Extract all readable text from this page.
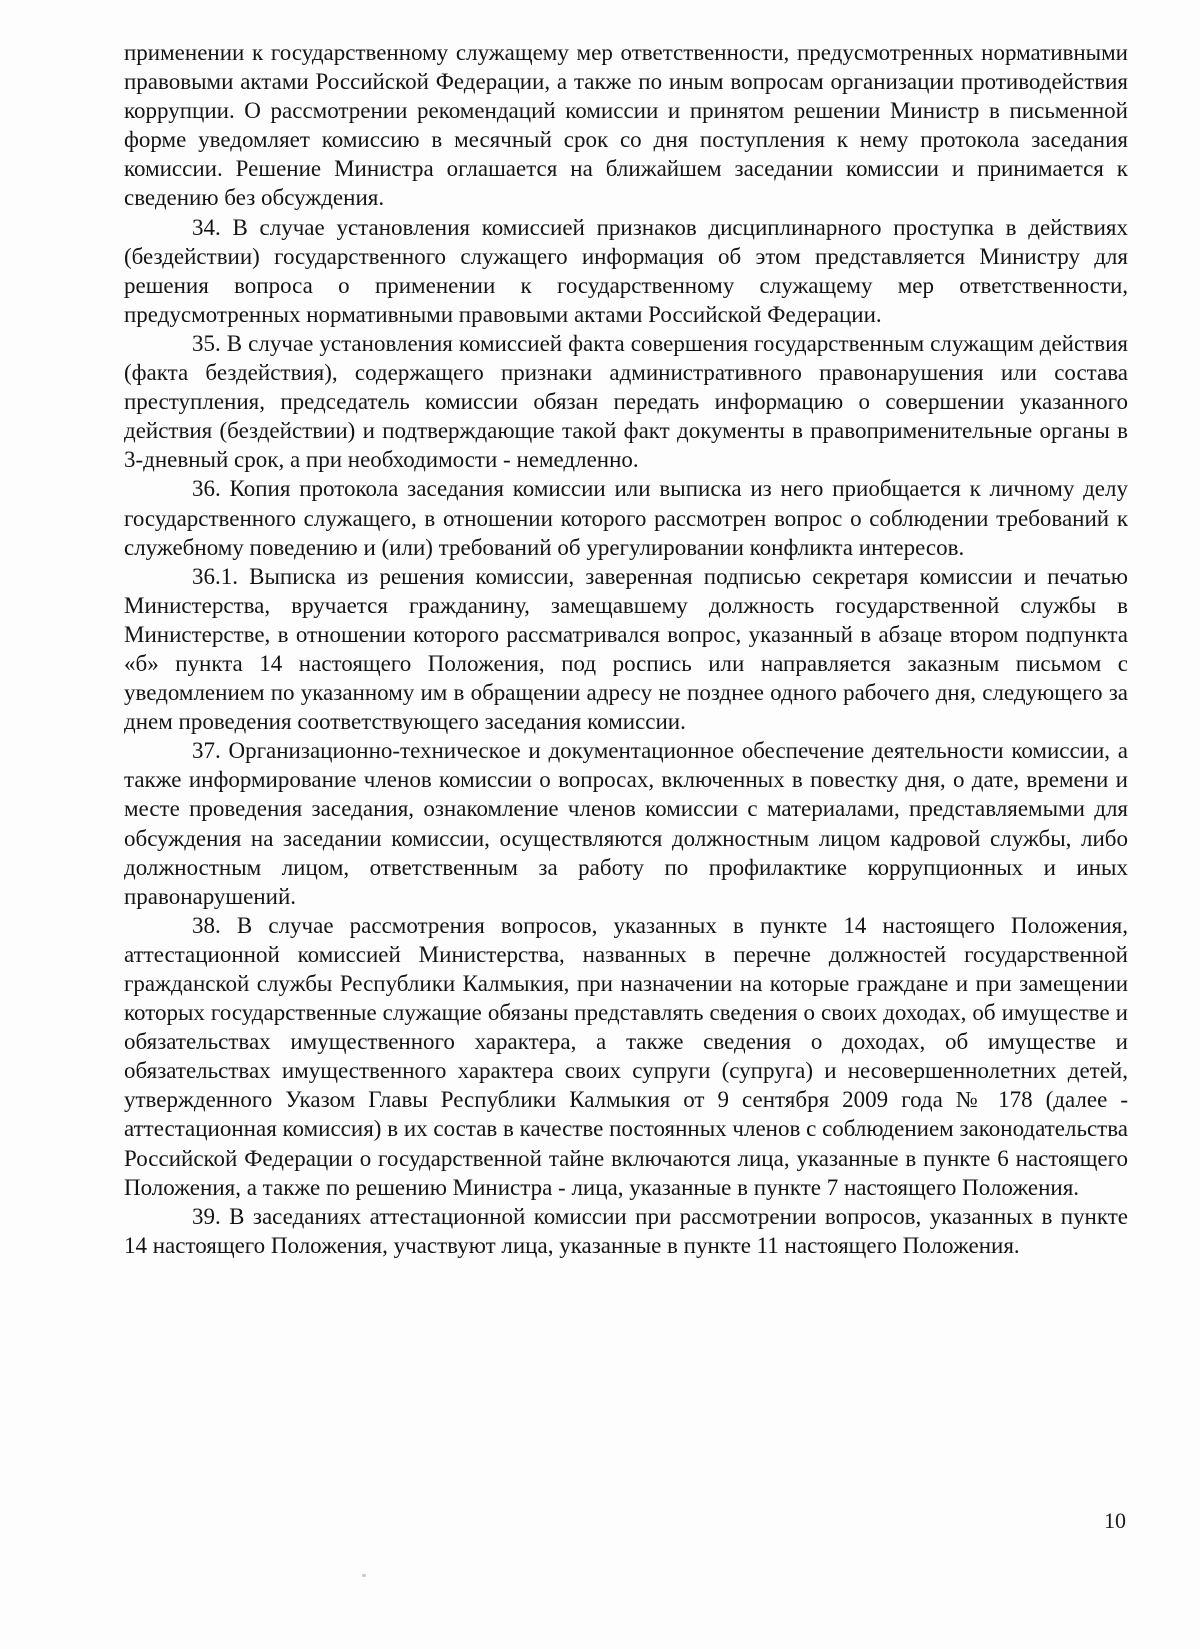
применении к государственному служащему мер ответственности, предусмотренных нормативными правовыми актами Российской Федерации, а также по иным вопросам организации противодействия коррупции. О рассмотрении рекомендаций комиссии и принятом решении Министр в письменной форме уведомляет комиссию в месячный срок со дня поступления к нему протокола заседания комиссии. Решение Министра оглашается на ближайшем заседании комиссии и принимается к сведению без обсуждения.

34. В случае установления комиссией признаков дисциплинарного проступка в действиях (бездействии) государственного служащего информация об этом представляется Министру для решения вопроса о применении к государственному служащему мер ответственности, предусмотренных нормативными правовыми актами Российской Федерации.

35. В случае установления комиссией факта совершения государственным служащим действия (факта бездействия), содержащего признаки административного правонарушения или состава преступления, председатель комиссии обязан передать информацию о совершении указанного действия (бездействии) и подтверждающие такой факт документы в правоприменительные органы в 3-дневный срок, а при необходимости - немедленно.

36. Копия протокола заседания комиссии или выписка из него приобщается к личному делу государственного служащего, в отношении которого рассмотрен вопрос о соблюдении требований к служебному поведению и (или) требований об урегулировании конфликта интересов.

36.1. Выписка из решения комиссии, заверенная подписью секретаря комиссии и печатью Министерства, вручается гражданину, замещавшему должность государственной службы в Министерстве, в отношении которого рассматривался вопрос, указанный в абзаце втором подпункта «б» пункта 14 настоящего Положения, под роспись или направляется заказным письмом с уведомлением по указанному им в обращении адресу не позднее одного рабочего дня, следующего за днем проведения соответствующего заседания комиссии.

37. Организационно-техническое и документационное обеспечение деятельности комиссии, а также информирование членов комиссии о вопросах, включенных в повестку дня, о дате, времени и месте проведения заседания, ознакомление членов комиссии с материалами, представляемыми для обсуждения на заседании комиссии, осуществляются должностным лицом кадровой службы, либо должностным лицом, ответственным за работу по профилактике коррупционных и иных правонарушений.

38. В случае рассмотрения вопросов, указанных в пункте 14 настоящего Положения, аттестационной комиссией Министерства, названных в перечне должностей государственной гражданской службы Республики Калмыкия, при назначении на которые граждане и при замещении которых государственные служащие обязаны представлять сведения о своих доходах, об имуществе и обязательствах имущественного характера, а также сведения о доходах, об имуществе и обязательствах имущественного характера своих супруги (супруга) и несовершеннолетних детей, утвержденного Указом Главы Республики Калмыкия от 9 сентября 2009 года № 178 (далее - аттестационная комиссия) в их состав в качестве постоянных членов с соблюдением законодательства Российской Федерации о государственной тайне включаются лица, указанные в пункте 6 настоящего Положения, а также по решению Министра - лица, указанные в пункте 7 настоящего Положения.

39. В заседаниях аттестационной комиссии при рассмотрении вопросов, указанных в пункте 14 настоящего Положения, участвуют лица, указанные в пункте 11 настоящего Положения.

10
